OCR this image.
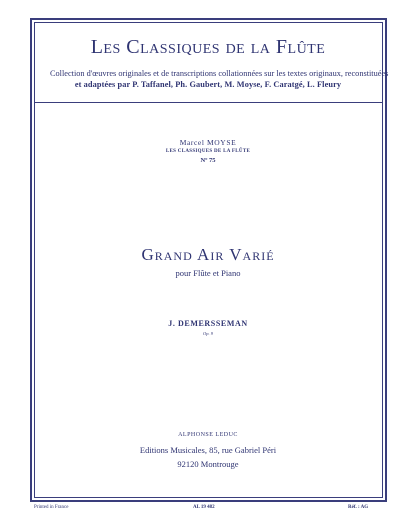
Les Classiques de la Flûte
Collection d'œuvres originales et de transcriptions collationnées sur les textes originaux, reconstituées
et adaptées par P. Taffanel, Ph. Gaubert, M. Moyse, F. Caratgé, L. Fleury
Marcel MOYSE
LES CLASSIQUES DE LA FLÛTE
Nº 75
Grand Air Varié
pour Flûte et Piano
J. DEMERSSEMAN
Op. 9
ALPHONSE LEDUC
Editions Musicales, 85, rue Gabriel Péri
92120 Montrouge
Printed in France	AL 19 482	Réf. : AG
